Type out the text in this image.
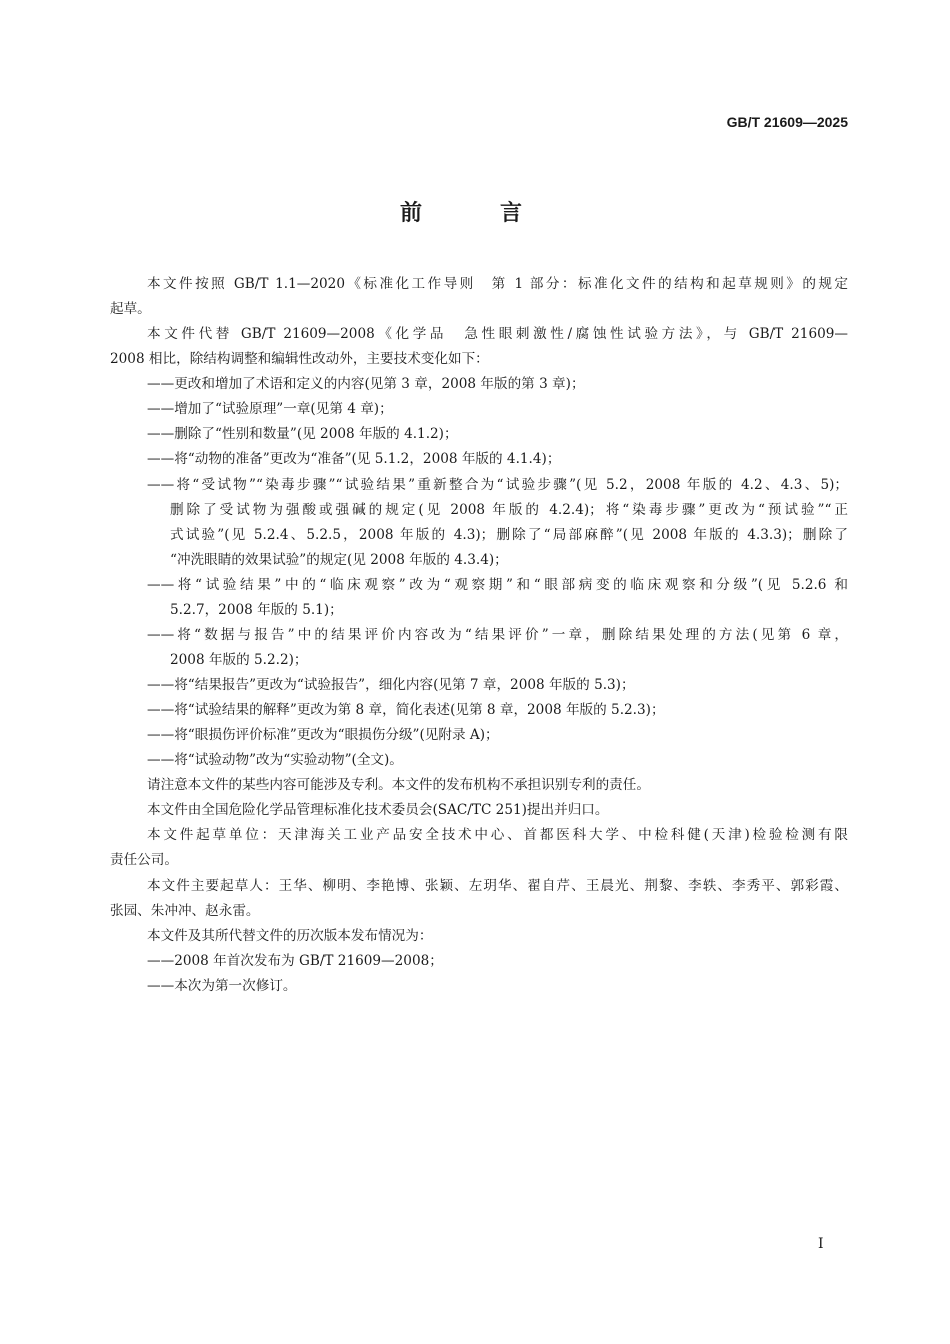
GB/T 21609—2025
前　言
本文件按照 GB/T 1.1—2020《标准化工作导则　第 1 部分：标准化文件的结构和起草规则》的规定
起草。
本文件代替 GB/T 21609—2008《化学品　急性眼刺激性/腐蚀性试验方法》，与 GB/T 21609—
2008 相比，除结构调整和编辑性改动外，主要技术变化如下：
——更改和增加了术语和定义的内容(见第 3 章，2008 年版的第 3 章)；
——增加了“试验原理”一章(见第 4 章)；
——删除了“性别和数量”(见 2008 年版的 4.1.2)；
——将“动物的准备”更改为“准备”(见 5.1.2，2008 年版的 4.1.4)；
——将“受试物”“染毒步骤”“试验结果”重新整合为“试验步骤”(见 5.2，2008 年版的 4.2、4.3、5)；
删除了受试物为强酸或强碱的规定(见 2008 年版的 4.2.4)；将“染毒步骤”更改为“预试验”“正
式试验”(见 5.2.4、5.2.5，2008 年版的 4.3)；删除了“局部麻醉”(见 2008 年版的 4.3.3)；删除了
“冲洗眼睛的效果试验”的规定(见 2008 年版的 4.3.4)；
——将“试验结果”中的“临床观察”改为“观察期”和“眼部病变的临床观察和分级”(见 5.2.6 和
5.2.7，2008 年版的 5.1)；
——将“数据与报告”中的结果评价内容改为“结果评价”一章，删除结果处理的方法(见第 6 章，
2008 年版的 5.2.2)；
——将“结果报告”更改为“试验报告”，细化内容(见第 7 章，2008 年版的 5.3)；
——将“试验结果的解释”更改为第 8 章，简化表述(见第 8 章，2008 年版的 5.2.3)；
——将“眼损伤评价标准”更改为“眼损伤分级”(见附录 A)；
——将“试验动物”改为“实验动物”(全文)。
请注意本文件的某些内容可能涉及专利。本文件的发布机构不承担识别专利的责任。
本文件由全国危险化学品管理标准化技术委员会(SAC/TC 251)提出并归口。
本文件起草单位：天津海关工业产品安全技术中心、首都医科大学、中检科健(天津)检验检测有限
责任公司。
本文件主要起草人：王华、柳明、李艳博、张颖、左玥华、翟自芹、王晨光、荆黎、李轶、李秀平、郭彩霞、
张园、朱冲冲、赵永雷。
本文件及其所代替文件的历次版本发布情况为：
——2008 年首次发布为 GB/T 21609—2008；
——本次为第一次修订。
I
